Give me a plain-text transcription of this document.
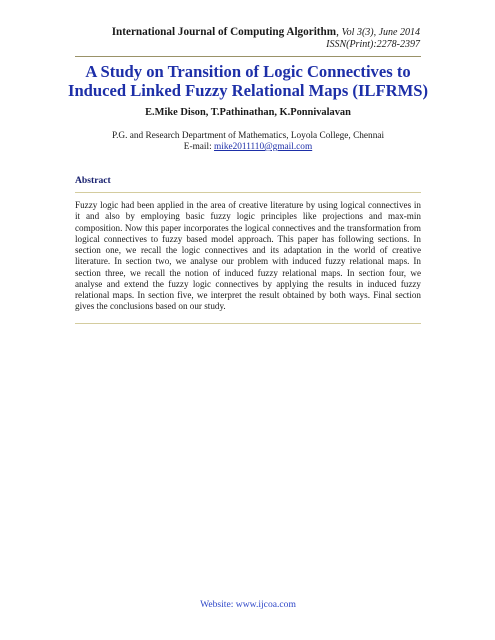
International Journal of Computing Algorithm, Vol 3(3), June 2014
ISSN(Print):2278-2397
A Study on Transition of Logic Connectives to
Induced Linked Fuzzy Relational Maps (ILFRMS)
E.Mike Dison, T.Pathinathan, K.Ponnivalavan
P.G. and Research Department of Mathematics, Loyola College, Chennai
E-mail: mike2011110@gmail.com
Abstract
Fuzzy logic had been applied in the area of creative literature by using logical connectives in it and also by employing basic fuzzy logic principles like projections and max-min composition. Now this paper incorporates the logical connectives and the transformation from logical connectives to fuzzy based model approach. This paper has following sections. In section one, we recall the logic connectives and its adaptation in the world of creative literature. In section two, we analyse our problem with induced fuzzy relational maps. In section three, we recall the notion of induced fuzzy relational maps. In section four, we analyse and extend the fuzzy logic connectives by applying the results in induced fuzzy relational maps. In section five, we interpret the result obtained by both ways. Final section gives the conclusions based on our study.
Website: www.ijcoa.com
